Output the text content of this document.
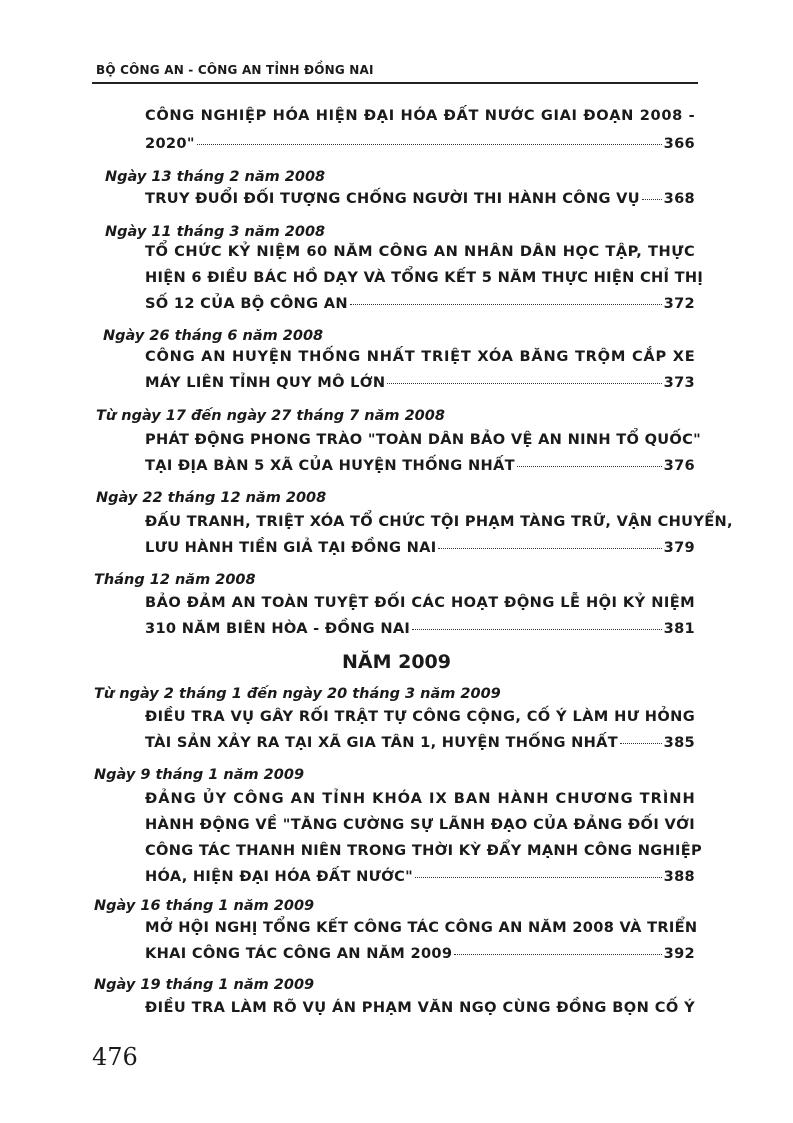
BỘ CÔNG AN - CÔNG AN TỈNH ĐỒNG NAI
CÔNG NGHIỆP HÓA HIỆN ĐẠI HÓA ĐẤT NƯỚC GIAI ĐOẠN 2008 -
2020"	366
Ngày 13 tháng 2 năm 2008
TRUY ĐUỔI ĐỐI TƯỢNG CHỐNG NGƯỜI THI HÀNH CÔNG VỤ 368
Ngày 11 tháng 3 năm 2008
TỔ CHỨC KỶ NIỆM 60 NĂM CÔNG AN NHÂN DÂN HỌC TẬP, THỰC
HIỆN 6 ĐIỀU BÁC HỒ DẠY VÀ TỔNG KẾT 5 NĂM THỰC HIỆN CHỈ THỊ
SỐ 12 CỦA BỘ CÔNG AN	372
Ngày 26 tháng 6 năm 2008
CÔNG AN HUYỆN THỐNG NHẤT TRIỆT XÓA BĂNG TRỘM CẮP XE
MÁY LIÊN TỈNH QUY MÔ LỚN	373
Từ ngày 17 đến ngày 27 tháng 7 năm 2008
PHÁT ĐỘNG PHONG TRÀO "TOÀN DÂN BẢO VỆ AN NINH TỔ QUỐC"
TẠI ĐỊA BÀN 5 XÃ CỦA HUYỆN THỐNG NHẤT	376
Ngày 22 tháng 12 năm 2008
ĐẤU TRANH, TRIỆT XÓA TỔ CHỨC TỘI PHẠM TÀNG TRỮ, VẬN CHUYỂN,
LƯU HÀNH TIỀN GIẢ TẠI ĐỒNG NAI	379
Tháng 12 năm 2008
BẢO ĐẢM AN TOÀN TUYỆT ĐỐI CÁC HOẠT ĐỘNG LỄ HỘI KỶ NIỆM
310 NĂM BIÊN HÒA - ĐỒNG NAI	381
Từ ngày 2 tháng 1 đến ngày 20 tháng 3 năm 2009
ĐIỀU TRA VỤ GÂY RỐI TRẬT TỰ CÔNG CỘNG, CỐ Ý LÀM HƯ HỎNG
TÀI SẢN XẢY RA TẠI XÃ GIA TÂN 1, HUYỆN THỐNG NHẤT	385
Ngày 9 tháng 1 năm 2009
ĐẢNG ỦY CÔNG AN TỈNH KHÓA IX BAN HÀNH CHƯƠNG TRÌNH
HÀNH ĐỘNG VỀ "TĂNG CƯỜNG SỰ LÃNH ĐẠO CỦA ĐẢNG ĐỐI VỚI
CÔNG TÁC THANH NIÊN TRONG THỜI KỲ ĐẨY MẠNH CÔNG NGHIỆP
HÓA, HIỆN ĐẠI HÓA ĐẤT NƯỚC"	388
Ngày 16 tháng 1 năm 2009
MỞ HỘI NGHỊ TỔNG KẾT CÔNG TÁC CÔNG AN NĂM 2008 VÀ TRIỂN
KHAI CÔNG TÁC CÔNG AN NĂM 2009	392
Ngày 19 tháng 1 năm 2009
ĐIỀU TRA LÀM RÕ VỤ ÁN PHẠM VĂN NGỌ CÙNG ĐỒNG BỌN CỐ Ý
NĂM 2009
476
